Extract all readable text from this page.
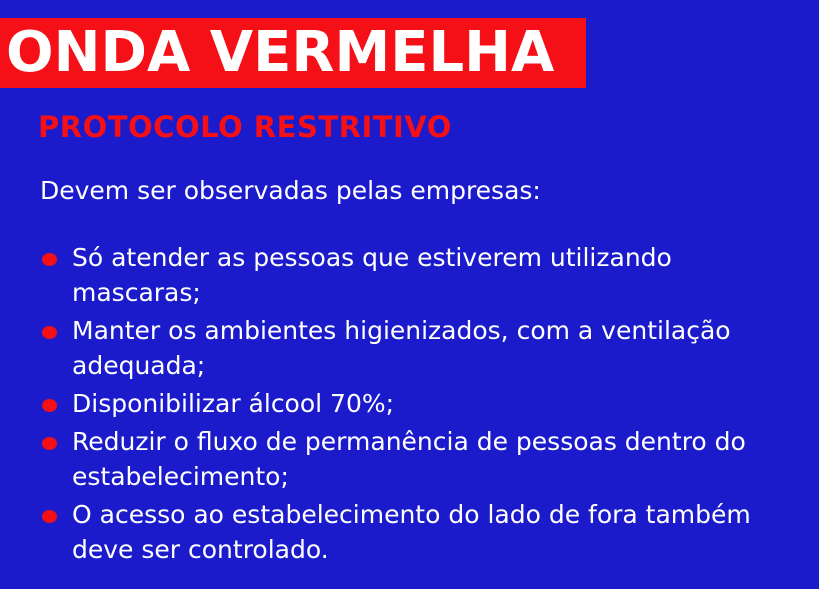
ONDA VERMELHA
PROTOCOLO RESTRITIVO
Devem ser observadas pelas empresas:
Só atender as pessoas que estiverem utilizando mascaras;
Manter os ambientes higienizados, com a ventilação adequada;
Disponibilizar álcool 70%;
Reduzir o fluxo de permanência de pessoas dentro do estabelecimento;
O acesso ao estabelecimento do lado de fora também deve ser controlado.
